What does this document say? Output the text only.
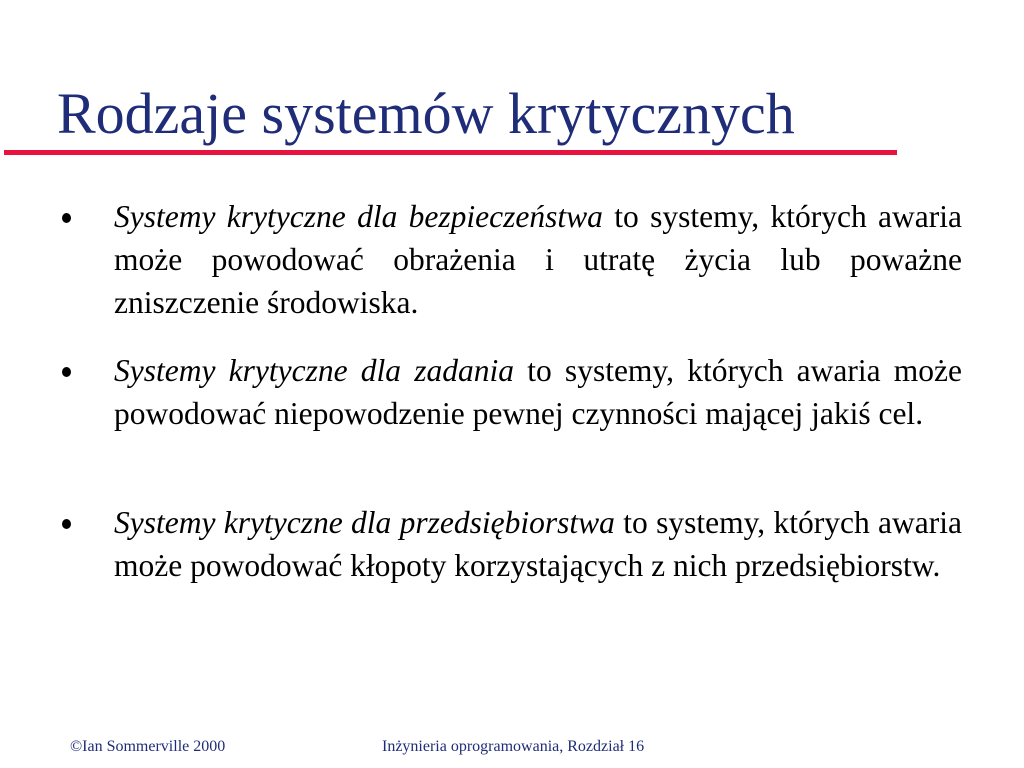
Rodzaje systemów krytycznych
Systemy krytyczne dla bezpieczeństwa to systemy, których awaria może powodować obrażenia i utratę życia lub poważne zniszczenie środowiska.
Systemy krytyczne dla zadania to systemy, których awaria może powodować niepowodzenie pewnej czynności mającej jakiś cel.
Systemy krytyczne dla przedsiębiorstwa to systemy, których awaria może powodować kłopoty korzystających z nich przedsiębiorstw.
©Ian Sommerville 2000	Inżynieria oprogramowania, Rozdział 16
